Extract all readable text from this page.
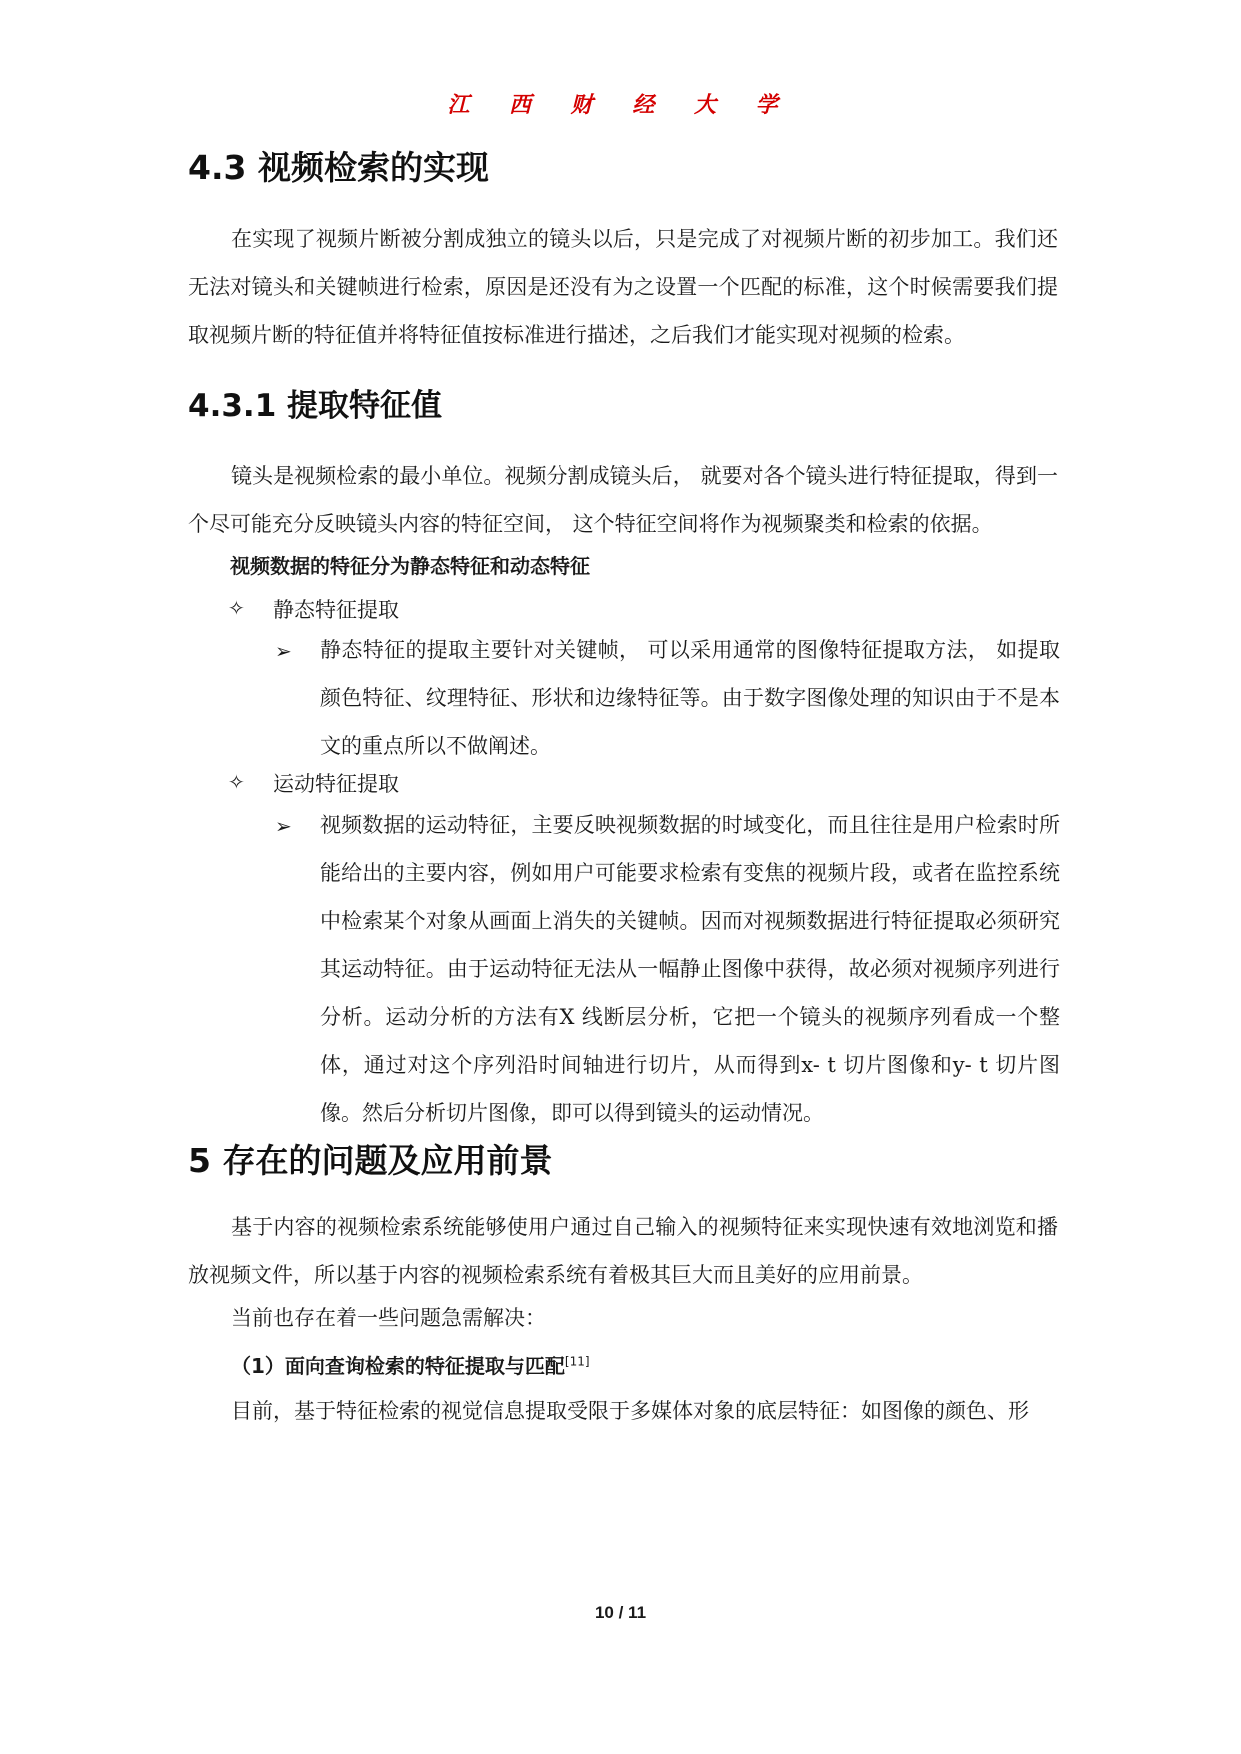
江 西 财 经 大 学
4.3 视频检索的实现
在实现了视频片断被分割成独立的镜头以后，只是完成了对视频片断的初步加工。我们还无法对镜头和关键帧进行检索，原因是还没有为之设置一个匹配的标准，这个时候需要我们提取视频片断的特征值并将特征值按标准进行描述，之后我们才能实现对视频的检索。
4.3.1 提取特征值
镜头是视频检索的最小单位。视频分割成镜头后， 就要对各个镜头进行特征提取，得到一个尽可能充分反映镜头内容的特征空间， 这个特征空间将作为视频聚类和检索的依据。
视频数据的特征分为静态特征和动态特征
✧ 静态特征提取
➢ 静态特征的提取主要针对关键帧， 可以采用通常的图像特征提取方法， 如提取颜色特征、纹理特征、形状和边缘特征等。由于数字图像处理的知识由于不是本文的重点所以不做阐述。
✧ 运动特征提取
➢ 视频数据的运动特征，主要反映视频数据的时域变化，而且往往是用户检索时所能给出的主要内容，例如用户可能要求检索有变焦的视频片段，或者在监控系统中检索某个对象从画面上消失的关键帧。因而对视频数据进行特征提取必须研究其运动特征。由于运动特征无法从一幅静止图像中获得，故必须对视频序列进行分析。运动分析的方法有X 线断层分析，它把一个镜头的视频序列看成一个整体，通过对这个序列沿时间轴进行切片，从而得到x- t 切片图像和y- t 切片图像。然后分析切片图像，即可以得到镜头的运动情况。
5 存在的问题及应用前景
基于内容的视频检索系统能够使用户通过自己输入的视频特征来实现快速有效地浏览和播放视频文件，所以基于内容的视频检索系统有着极其巨大而且美好的应用前景。
当前也存在着一些问题急需解决：
（1）面向查询检索的特征提取与匹配[11]
目前，基于特征检索的视觉信息提取受限于多媒体对象的底层特征：如图像的颜色、形
10 / 11
